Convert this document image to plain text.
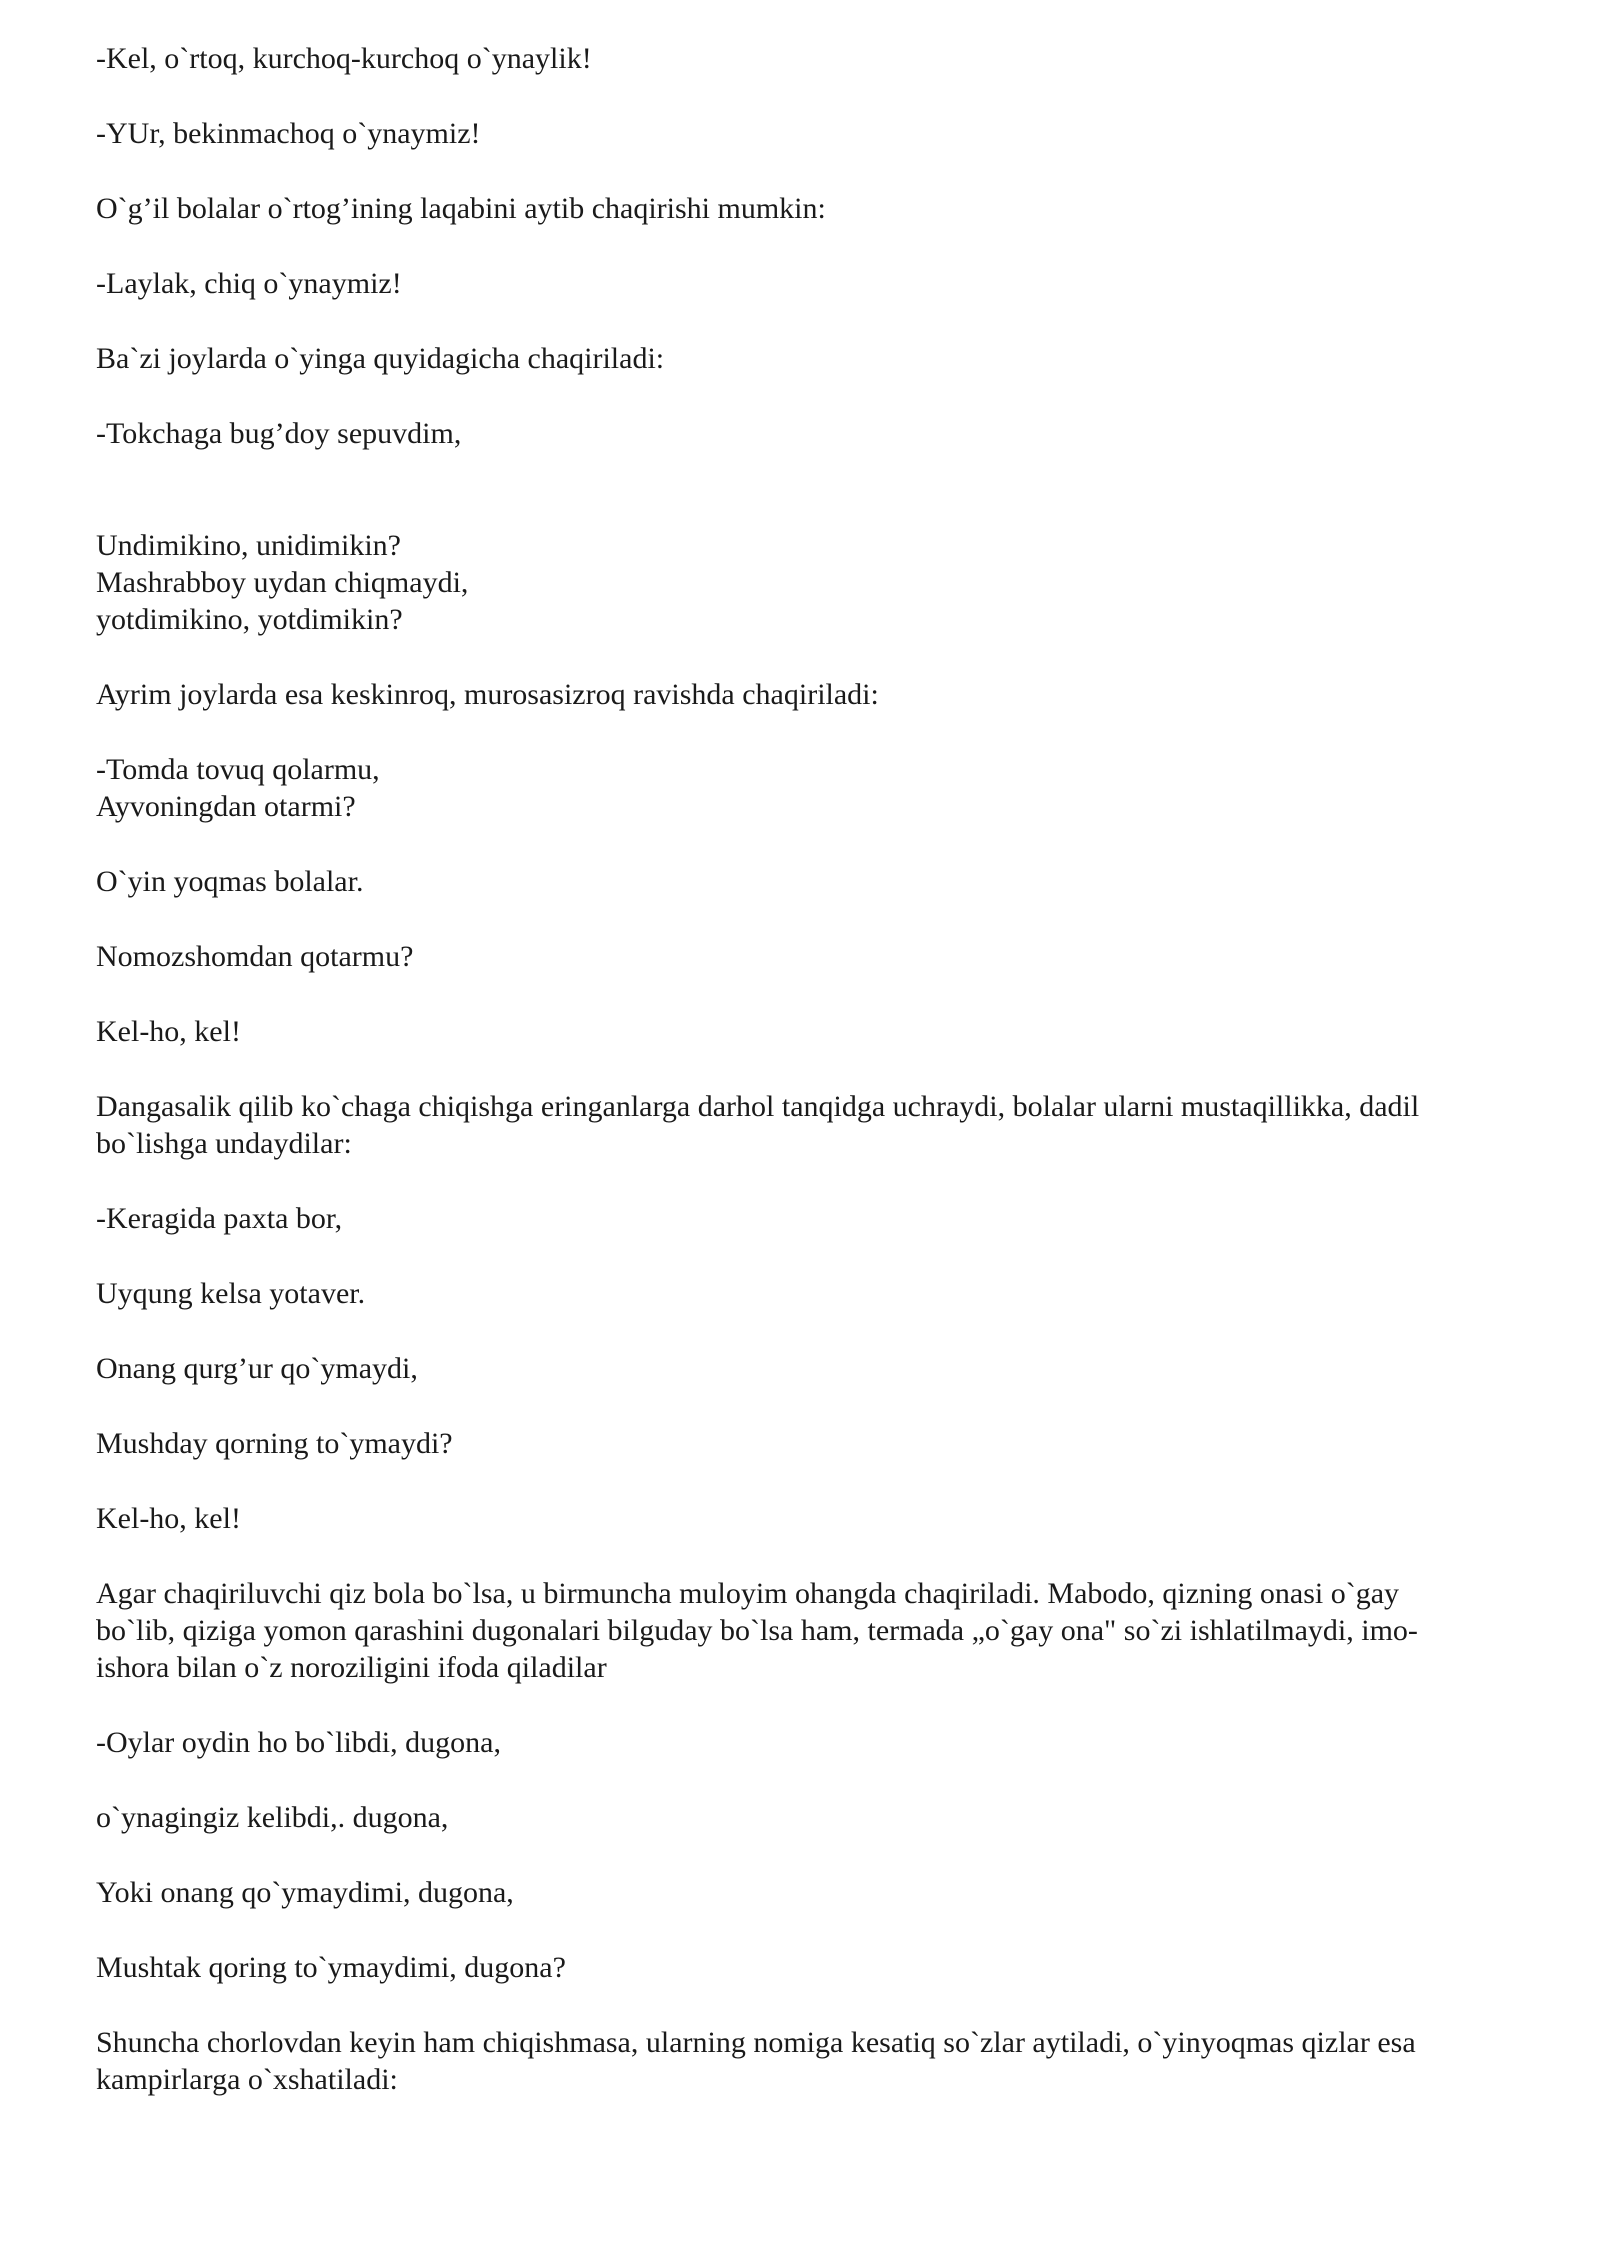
-Kel, o`rtoq, kurchoq-kurchoq o`ynaylik!

-YUr, bekinmachoq o`ynaymiz!

O`g’il bolalar o`rtog’ining laqabini aytib chaqirishi mumkin:

-Laylak, chiq o`ynaymiz!

Ba`zi joylarda o`yinga quyidagicha chaqiriladi:

-Tokchaga bug’doy sepuvdim,

Undimikino, unidimikin?
Mashrabboy uydan chiqmaydi,
yotdimikino, yotdimikin?

Ayrim joylarda esa keskinroq, murosasizroq ravishda chaqiriladi:

-Tomda tovuq qolarmu,
Ayvoningdan otarmi?

O`yin yoqmas bolalar.

Nomozshomdan qotarmu?

Kel-ho, kel!

Dangasalik qilib ko`chaga chiqishga eringanlarga darhol tanqidga uchraydi, bolalar ularni mustaqillikka, dadil
bo`lishga undaydilar:

-Keragida paxta bor,

Uyqung kelsa yotaver.

Onang qurg’ur qo`ymaydi,

Mushday qorning to`ymaydi?

Kel-ho, kel!

Agar chaqiriluvchi qiz bola bo`lsa, u birmuncha muloyim ohangda chaqiriladi. Mabodo, qizning onasi o`gay
bo`lib, qiziga yomon qarashini dugonalari bilguday bo`lsa ham, termada „o`gay ona" so`zi ishlatilmaydi, imo-
ishora bilan o`z noroziligini ifoda qiladilar

-Oylar oydin ho bo`libdi, dugona,

o`ynagingiz kelibdi,. dugona,

Yoki onang qo`ymaydimi, dugona,

Mushtak qoring to`ymaydimi, dugona?

Shuncha chorlovdan keyin ham chiqishmasa, ularning nomiga kesatiq so`zlar aytiladi, o`yinyoqmas qizlar esa
kampirlarga o`xshatiladi:
